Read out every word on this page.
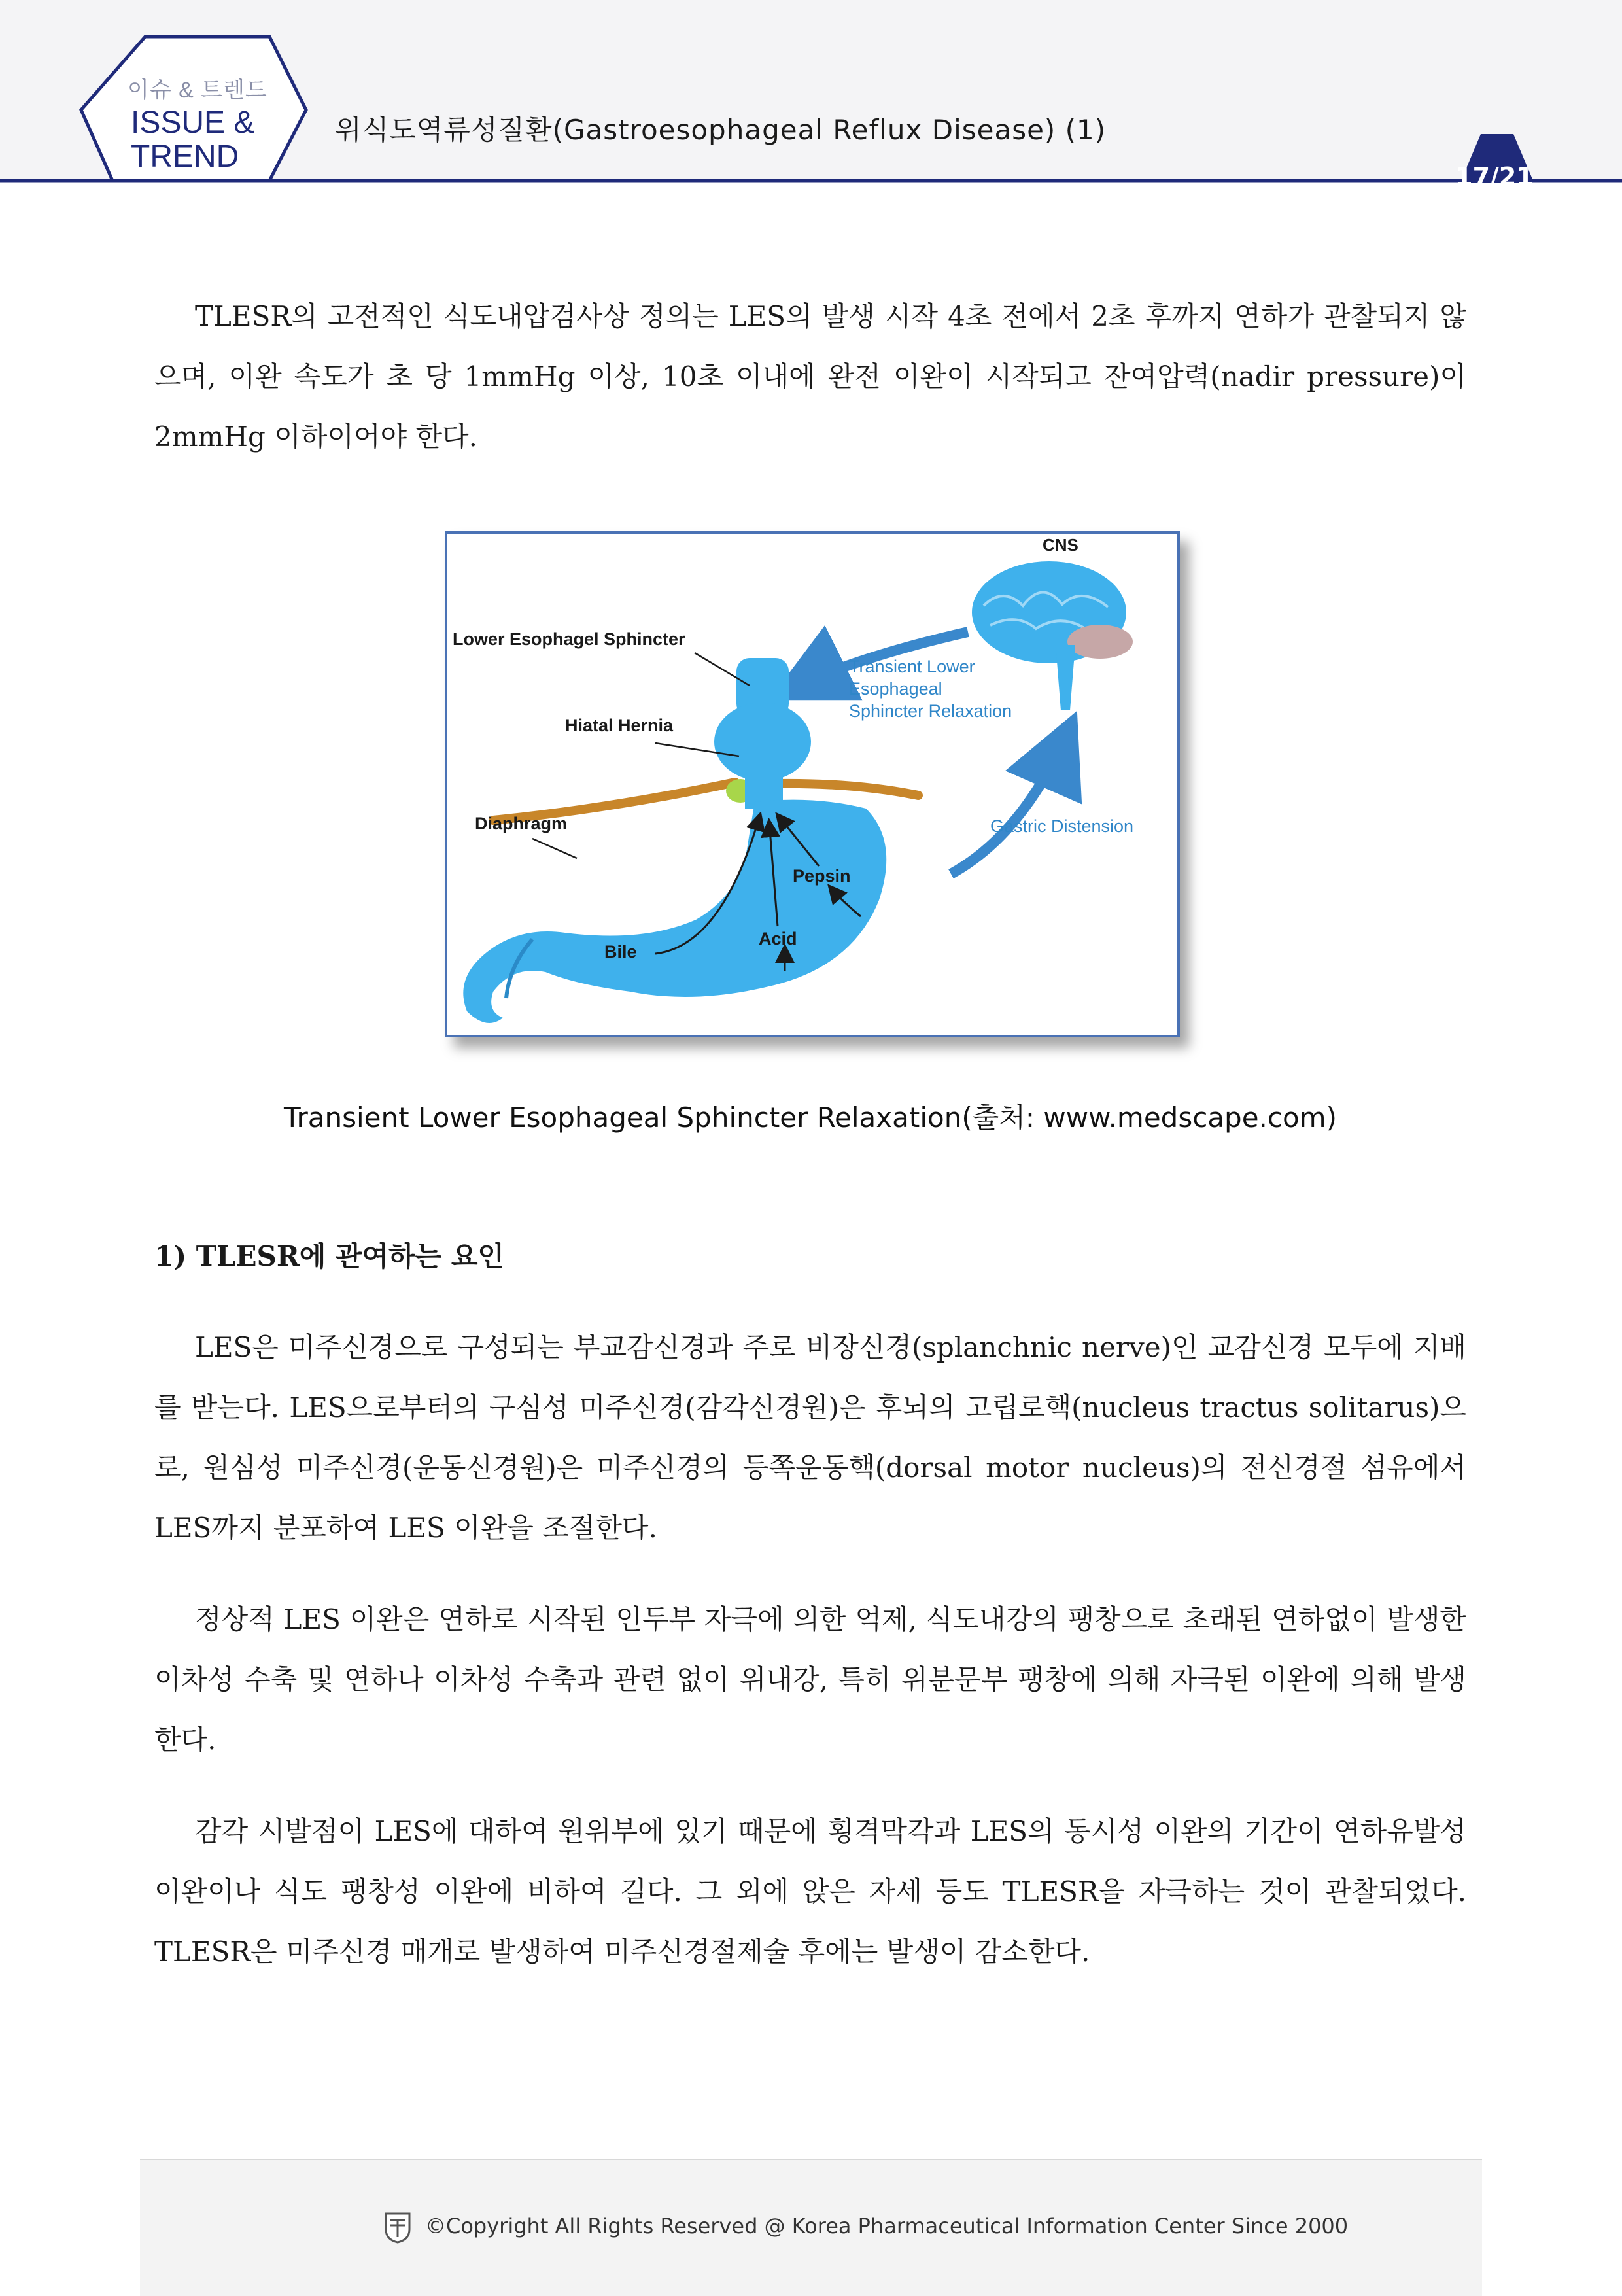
이슈 & 트렌드
ISSUE &
TREND
위식도역류성질환(Gastroesophageal Reflux Disease) (1)
17/21

TLESR의 고전적인 식도내압검사상 정의는 LES의 발생 시작 4초 전에서 2초 후까지 연하가 관찰되지 않으며, 이완 속도가 초 당 1mmHg 이상, 10초 이내에 완전 이완이 시작되고 잔여압력(nadir pressure)이 2mmHg 이하이어야 한다.

CNS
Lower Esophagel Sphincter
Hiatal Hernia
Diaphragm
Pepsin
Acid
Bile
Transient Lower
Esophageal
Sphincter Relaxation
Gastric Distension
Transient Lower Esophageal Sphincter Relaxation(출처: www.medscape.com)

1) TLESR에 관여하는 요인

LES은 미주신경으로 구성되는 부교감신경과 주로 비장신경(splanchnic nerve)인 교감신경 모두에 지배를 받는다. LES으로부터의 구심성 미주신경(감각신경원)은 후뇌의 고립로핵(nucleus tractus solitarus)으로, 원심성 미주신경(운동신경원)은 미주신경의 등쪽운동핵(dorsal motor nucleus)의 전신경절 섬유에서 LES까지 분포하여 LES 이완을 조절한다.

정상적 LES 이완은 연하로 시작된 인두부 자극에 의한 억제, 식도내강의 팽창으로 초래된 연하없이 발생한 이차성 수축 및 연하나 이차성 수축과 관련 없이 위내강, 특히 위분문부 팽창에 의해 자극된 이완에 의해 발생한다.

감각 시발점이 LES에 대하여 원위부에 있기 때문에 횡격막각과 LES의 동시성 이완의 기간이 연하유발성 이완이나 식도 팽창성 이완에 비하여 길다. 그 외에 앉은 자세 등도 TLESR을 자극하는 것이 관찰되었다. TLESR은 미주신경 매개로 발생하여 미주신경절제술 후에는 발생이 감소한다.

©Copyright All Rights Reserved @ Korea Pharmaceutical Information Center Since 2000
